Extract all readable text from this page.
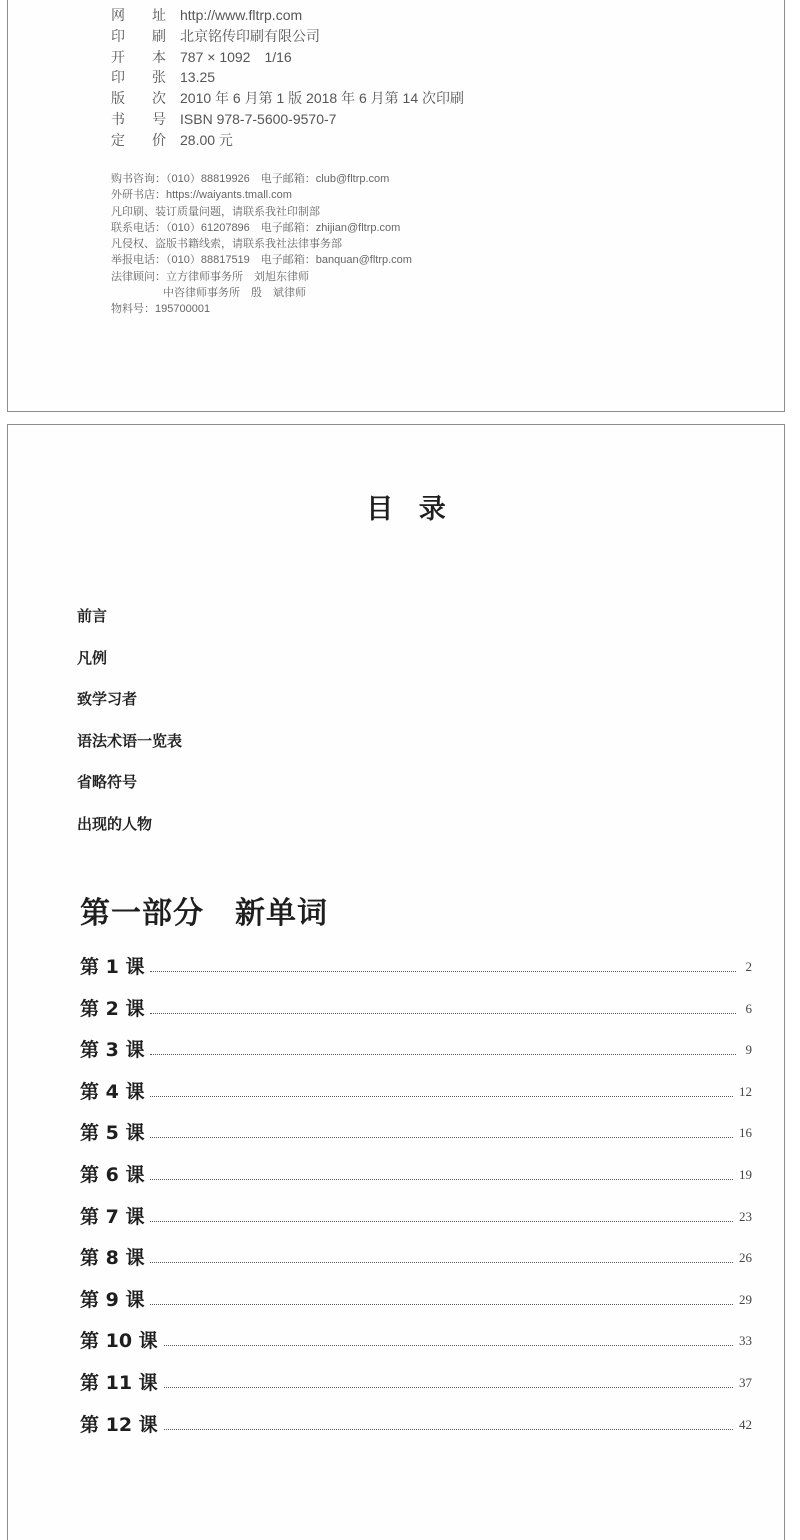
网 址 http://www.fltrp.com
印 刷 北京铭传印刷有限公司
开 本 787 × 1092　1/16
印 张 13.25
版 次 2010 年 6 月第 1 版 2018 年 6 月第 14 次印刷
书 号 ISBN 978-7-5600-9570-7
定 价 28.00 元
购书咨询：（010）88819926　电子邮箱：club@fltrp.com
外研书店：https://waiyants.tmall.com
凡印刷、装订质量问题，请联系我社印制部
联系电话：（010）61207896　电子邮箱：zhijian@fltrp.com
凡侵权、盗版书籍线索，请联系我社法律事务部
举报电话：（010）88817519　电子邮箱：banquan@fltrp.com
法律顾问：立方律师事务所　刘旭东律师
中咨律师事务所　殷　斌律师
物料号：195700001
目 录
前言
凡例
致学习者
语法术语一览表
省略符号
出现的人物
第一部分　新单词
第 1 课	2
第 2 课	6
第 3 课	9
第 4 课	12
第 5 课	16
第 6 课	19
第 7 课	23
第 8 课	26
第 9 课	29
第 10 课	33
第 11 课	37
第 12 课	42
